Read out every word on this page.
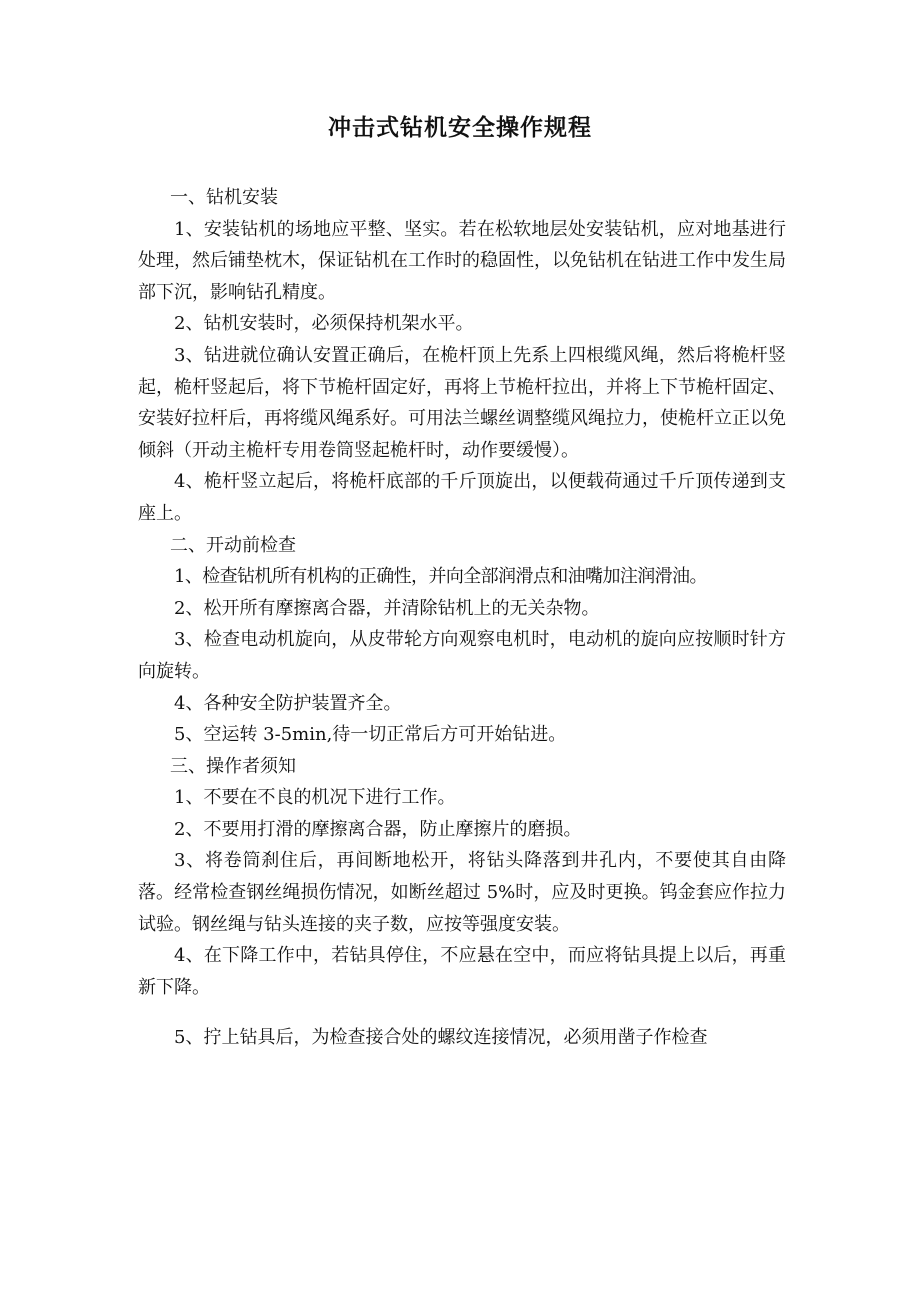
冲击式钻机安全操作规程

一、钻机安装

1、安装钻机的场地应平整、坚实。若在松软地层处安装钻机，应对地基进行处理，然后铺垫枕木，保证钻机在工作时的稳固性，以免钻机在钻进工作中发生局部下沉，影响钻孔精度。

2、钻机安装时，必须保持机架水平。

3、钻进就位确认安置正确后，在桅杆顶上先系上四根缆风绳，然后将桅杆竖起，桅杆竖起后，将下节桅杆固定好，再将上节桅杆拉出，并将上下节桅杆固定、安装好拉杆后，再将缆风绳系好。可用法兰螺丝调整缆风绳拉力，使桅杆立正以免倾斜（开动主桅杆专用卷筒竖起桅杆时，动作要缓慢）。

4、桅杆竖立起后，将桅杆底部的千斤顶旋出，以便载荷通过千斤顶传递到支座上。

二、开动前检查

1、检查钻机所有机构的正确性，并向全部润滑点和油嘴加注润滑油。

2、松开所有摩擦离合器，并清除钻机上的无关杂物。

3、检查电动机旋向，从皮带轮方向观察电机时，电动机的旋向应按顺时针方向旋转。

4、各种安全防护装置齐全。

5、空运转 3-5min,待一切正常后方可开始钻进。

三、操作者须知

1、不要在不良的机况下进行工作。

2、不要用打滑的摩擦离合器，防止摩擦片的磨损。

3、将卷筒刹住后，再间断地松开，将钻头降落到井孔内，不要使其自由降落。经常检查钢丝绳损伤情况，如断丝超过 5%时，应及时更换。钨金套应作拉力试验。钢丝绳与钻头连接的夹子数，应按等强度安装。

4、在下降工作中，若钻具停住，不应悬在空中，而应将钻具提上以后，再重新下降。

5、拧上钻具后，为检查接合处的螺纹连接情况，必须用凿子作检查
